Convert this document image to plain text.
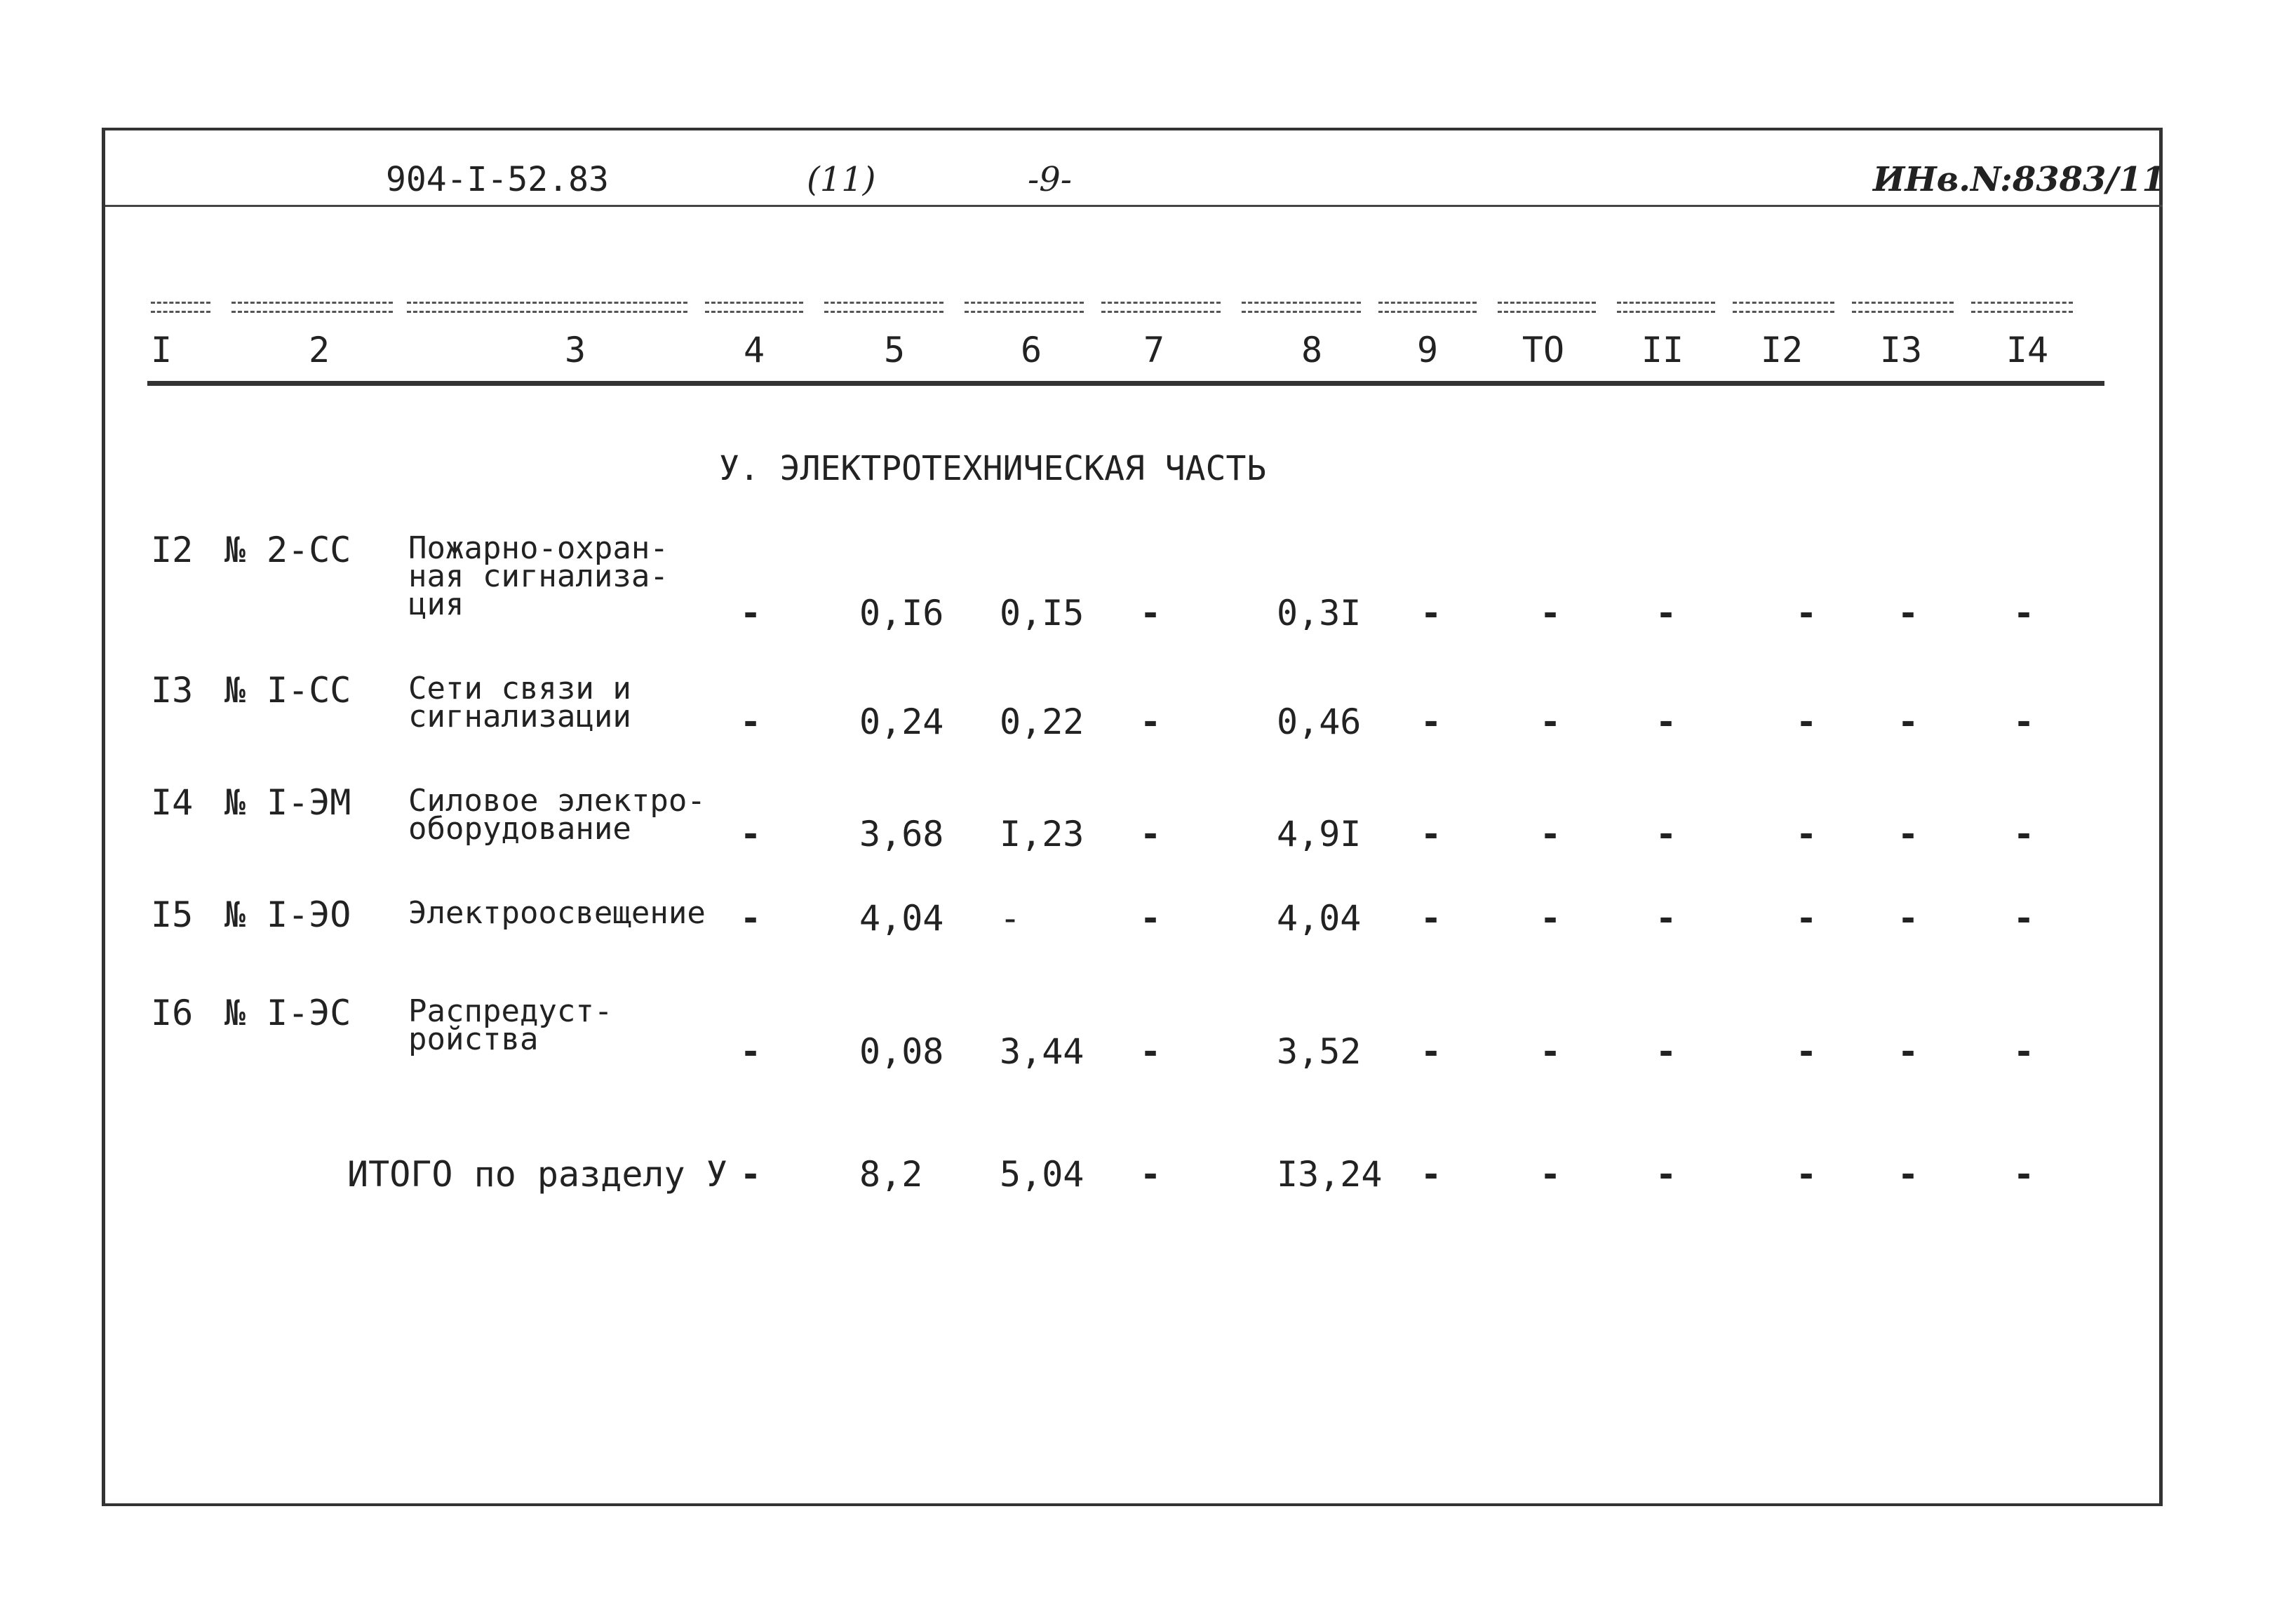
904-I-52.83	(11)	-9-	ИНв.N:8383/11
I	2	3	4	5	6	7	8	9	ТО	II	I2	I3	I4
У. ЭЛЕКТРОТЕХНИЧЕСКАЯ ЧАСТЬ
I2 № 2-СС Пожарно-охран-
ная сигнализа-
ция	-	0,I6 0,I5 -	0,3I -	-	-	- -	-
I3 № I-СС Сети связи и
сигнализации	-	0,24 0,22 -	0,46 -	-	-	- -	-
I4 № I-ЭМ Силовое электро-
оборудование	-	3,68 I,23 -	4,9I -	-	-	- -	-
I5 № I-ЭО Электроосвещение -	4,04 -	-	4,04 -	-	-	- -	-
I6 № I-ЭС Распредуст-
ройства	-	0,08 3,44 -	3,52 -	-	-	- -	-
ИТОГО по разделу У -	8,2 5,04 -	I3,24 -	-	-	- -	-
